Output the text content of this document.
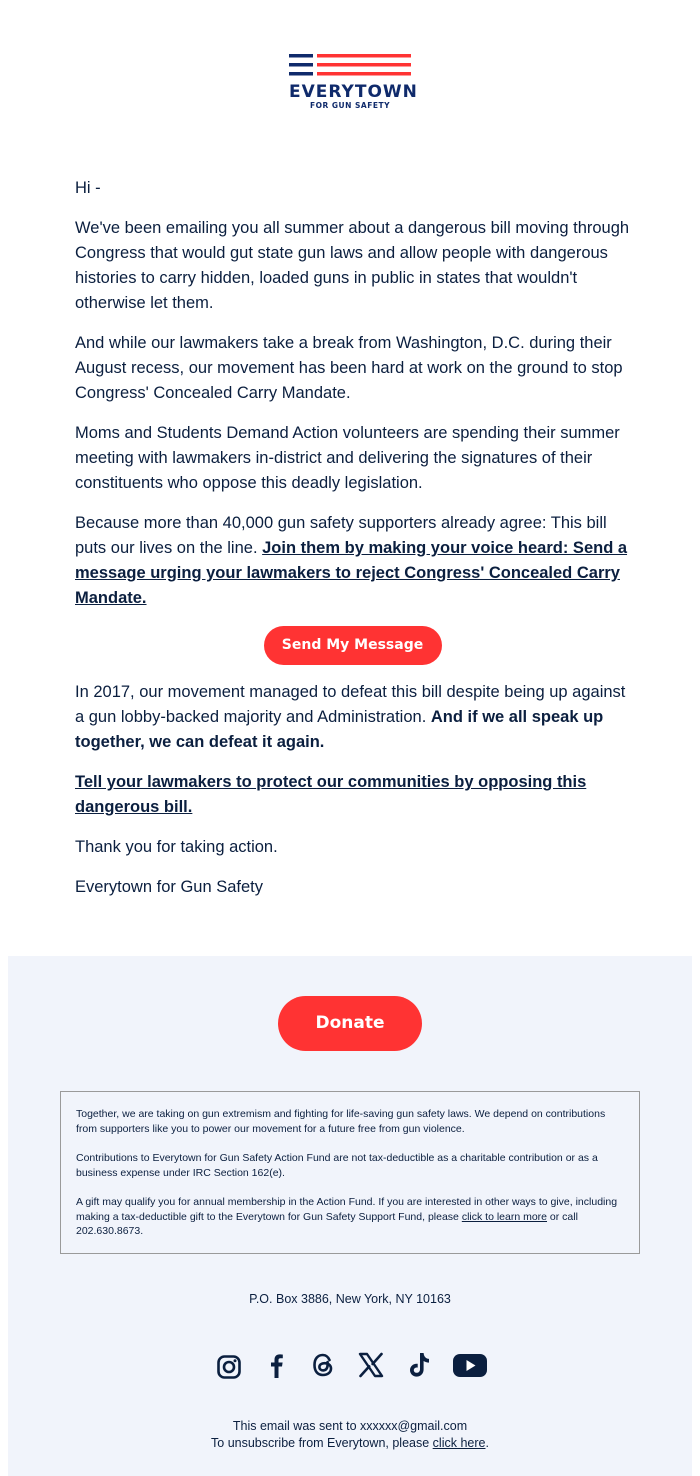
EVERYTOWN
FOR GUN SAFETY

Hi -

We've been emailing you all summer about a dangerous bill moving through Congress that would gut state gun laws and allow people with dangerous histories to carry hidden, loaded guns in public in states that wouldn't otherwise let them.

And while our lawmakers take a break from Washington, D.C. during their August recess, our movement has been hard at work on the ground to stop Congress' Concealed Carry Mandate.

Moms and Students Demand Action volunteers are spending their summer meeting with lawmakers in-district and delivering the signatures of their constituents who oppose this deadly legislation.

Because more than 40,000 gun safety supporters already agree: This bill puts our lives on the line. Join them by making your voice heard: Send a message urging your lawmakers to reject Congress' Concealed Carry Mandate.

Send My Message

In 2017, our movement managed to defeat this bill despite being up against a gun lobby-backed majority and Administration. And if we all speak up together, we can defeat it again.

Tell your lawmakers to protect our communities by opposing this dangerous bill.

Thank you for taking action.

Everytown for Gun Safety

Donate

Together, we are taking on gun extremism and fighting for life-saving gun safety laws. We depend on contributions from supporters like you to power our movement for a future free from gun violence.

Contributions to Everytown for Gun Safety Action Fund are not tax-deductible as a charitable contribution or as a business expense under IRC Section 162(e).

A gift may qualify you for annual membership in the Action Fund. If you are interested in other ways to give, including making a tax-deductible gift to the Everytown for Gun Safety Support Fund, please click to learn more or call 202.630.8673.

P.O. Box 3886, New York, NY 10163
This email was sent to xxxxxx@gmail.com
To unsubscribe from Everytown, please click here.
